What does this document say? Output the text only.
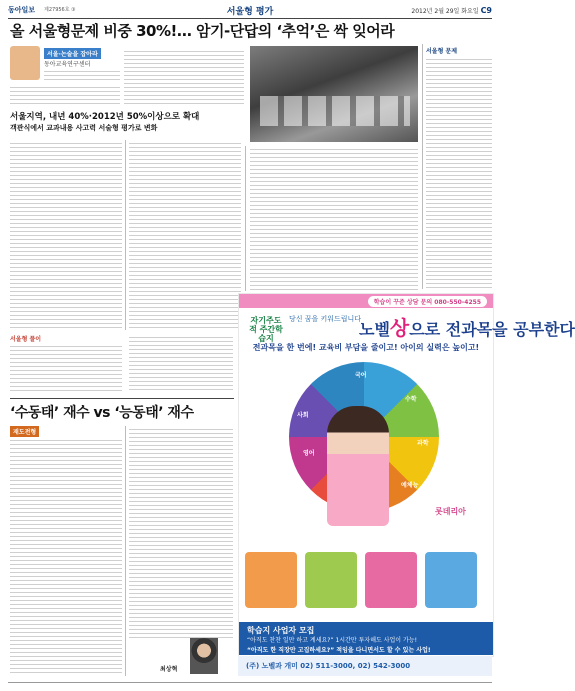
동아일보 제27956호 ③	서울형 평가	2012년 2월 29일 화요일 C9
올 서울형문제 비중 30%!… 암기-단답의 ‘추억’은 싹 잊어라
서울·논술을 잡아라
동아교육연구센터
서울형 문제
서울지역, 내년 40%·2012년 50%이상으로 확대
객관식에서 교과내용 사고력 서술형 평가로 변화
서울형 풀이
‘수동태’ 재수 vs ‘능동태’ 재수
재도전형
최상혁
학습이 꾸준 상담 문의 080-550-4255
자기주도적 주간학습지
당신 꿈을 키워드립니다
노벨상으로 전과목을 공부한다
전과목을 한 번에! 교육비 부담을 줄이고! 아이의 실력은 높이고!
국어
수학
과학
영어
사회
예체능
롯데리아
학습지 사업자 모집
“아직도 찬찬 일만 하고 계세요?” 1시간만 투자해도 사업이 가능!
“아직도 한 직장만 고집하세요?” 적임을 다니면서도 할 수 있는 사업!
(주) 노벨과 개미 02) 511-3000, 02) 542-3000
